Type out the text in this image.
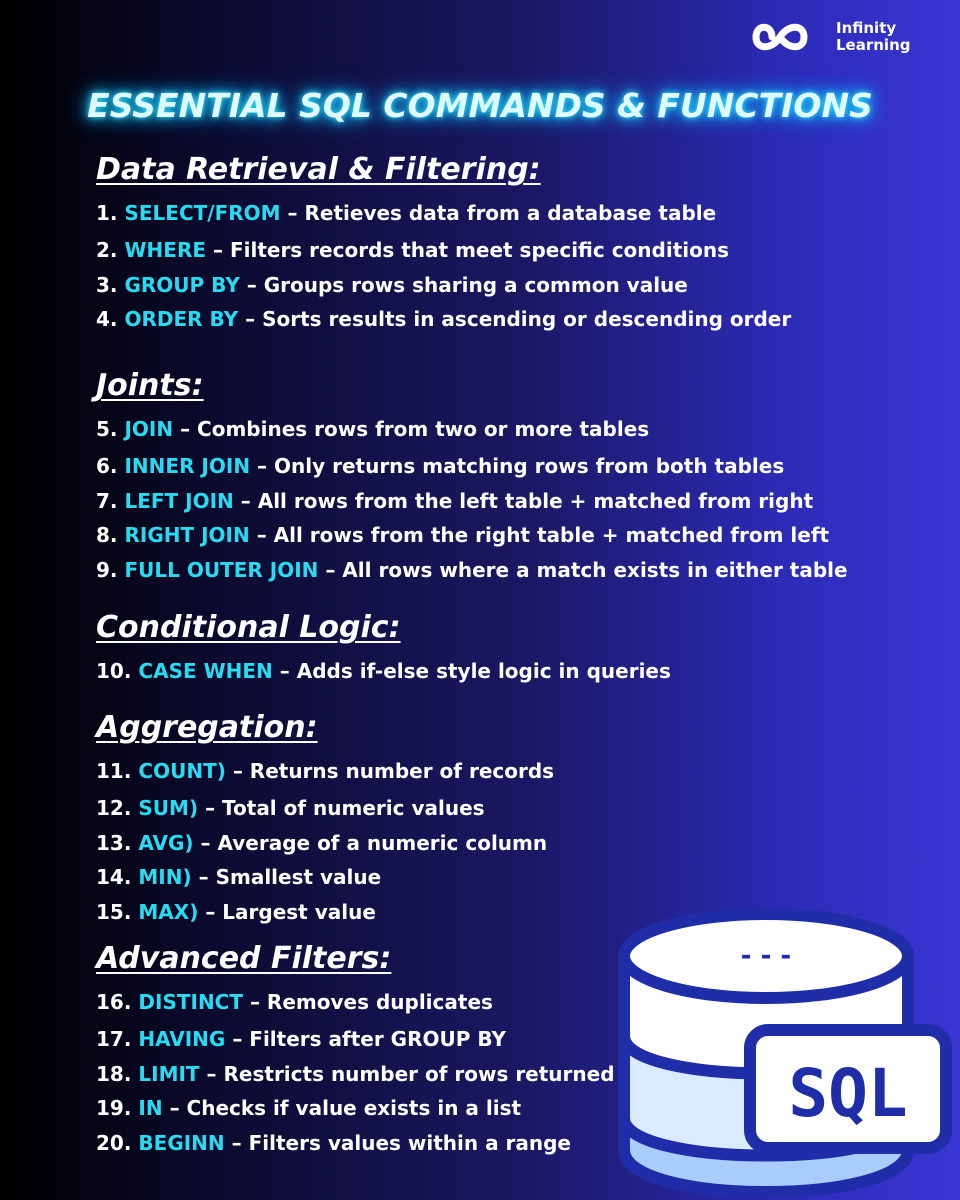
Infinity
Learning
ESSENTIAL SQL COMMANDS & FUNCTIONS
Data Retrieval & Filtering:
1. SELECT/FROM – Retieves data from a database table
2. WHERE – Filters records that meet specific conditions
3. GROUP BY – Groups rows sharing a common value
4. ORDER BY – Sorts results in ascending or descending order
Joints:
5. JOIN – Combines rows from two or more tables
6. INNER JOIN – Only returns matching rows from both tables
7. LEFT JOIN – All rows from the left table + matched from right
8. RIGHT JOIN – All rows from the right table + matched from left
9. FULL OUTER JOIN – All rows where a match exists in either table
Conditional Logic:
10. CASE WHEN – Adds if-else style logic in queries
Aggregation:
11. COUNT) – Returns number of records
12. SUM) – Total of numeric values
13. AVG) – Average of a numeric column
14. MIN) – Smallest value
15. MAX) – Largest value
Advanced Filters:
16. DISTINCT – Removes duplicates
17. HAVING – Filters after GROUP BY
18. LIMIT – Restricts number of rows returned
19. IN – Checks if value exists in a list
20. BEGINN – Filters values within a range
- - -
SQL
